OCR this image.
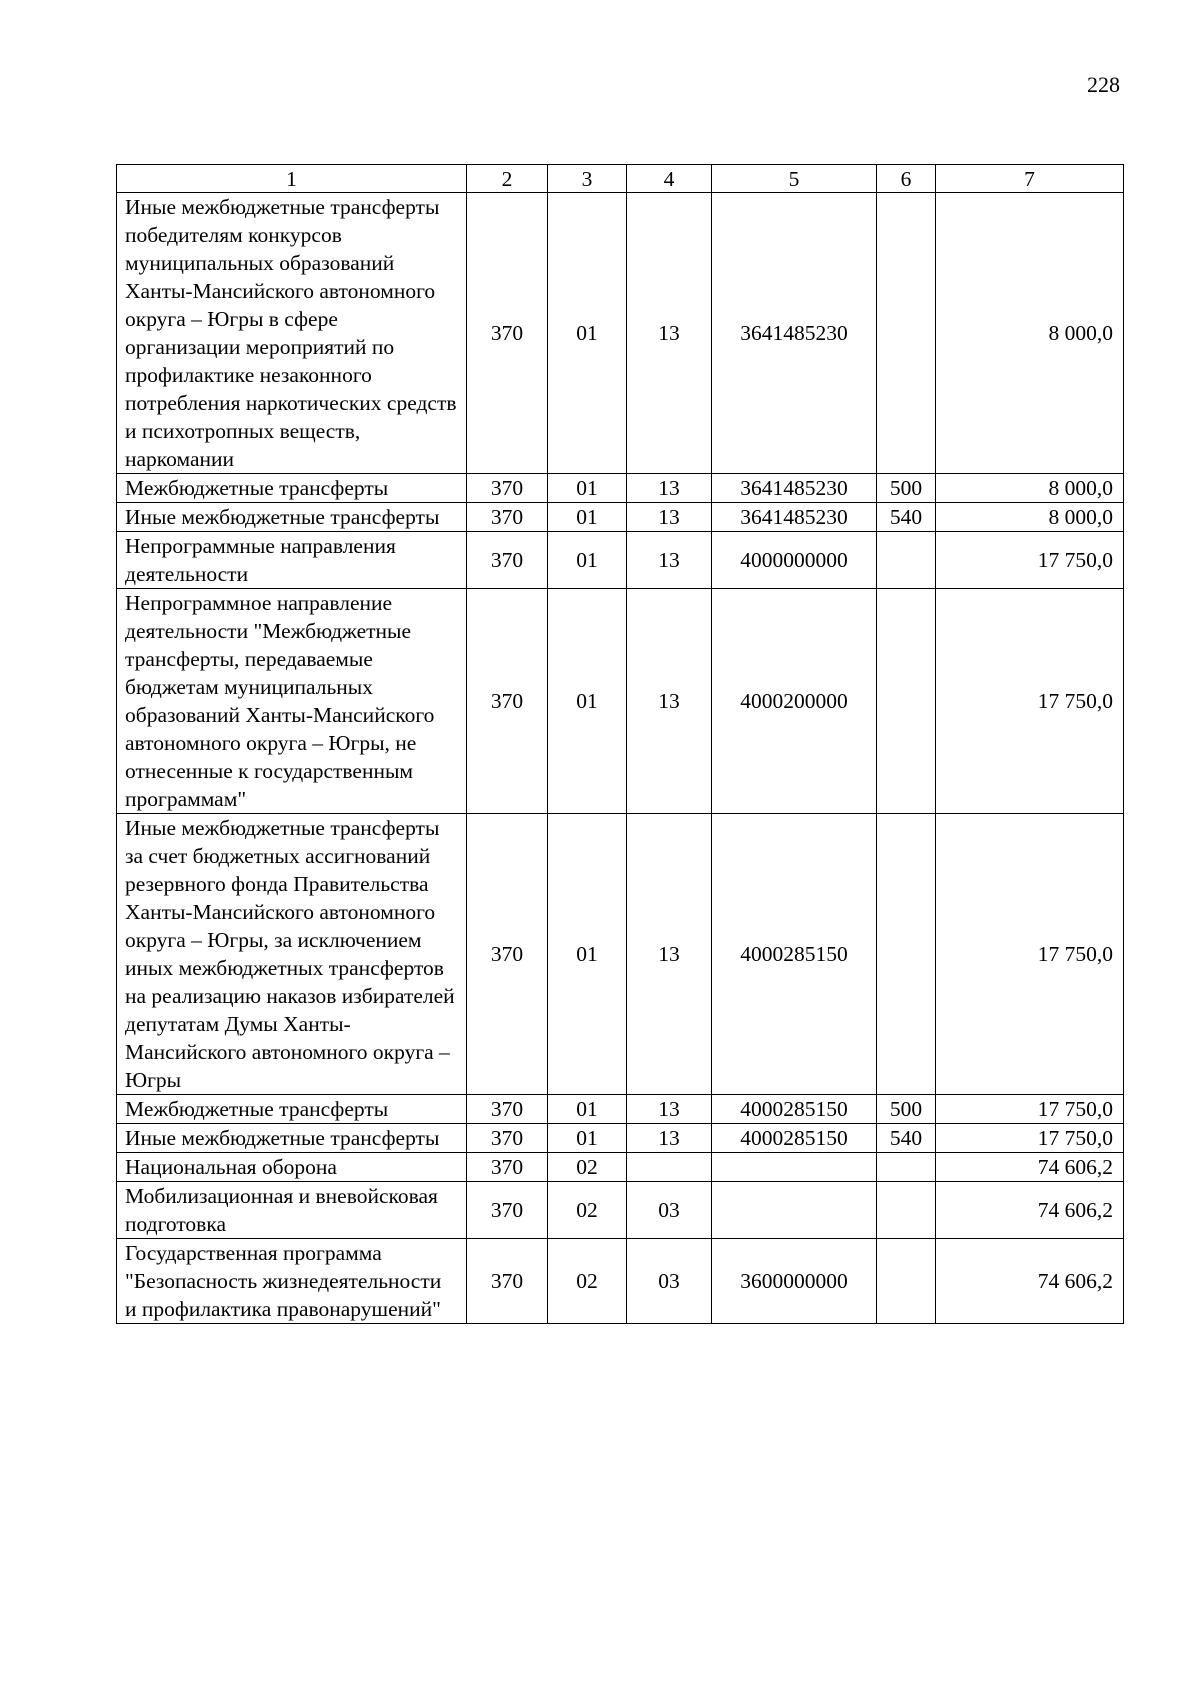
228
1	2	3	4	5	6	7
Иные межбюджетные трансферты победителям конкурсов муниципальных образований Ханты-Мансийского автономного округа – Югры в сфере организации мероприятий по профилактике незаконного потребления наркотических средств и психотропных веществ, наркомании	370	01	13	3641485230		8 000,0
Межбюджетные трансферты	370	01	13	3641485230	500	8 000,0
Иные межбюджетные трансферты	370	01	13	3641485230	540	8 000,0
Непрограммные направления деятельности	370	01	13	4000000000		17 750,0
Непрограммное направление деятельности "Межбюджетные трансферты, передаваемые бюджетам муниципальных образований Ханты-Мансийского автономного округа – Югры, не отнесенные к государственным программам"	370	01	13	4000200000		17 750,0
Иные межбюджетные трансферты за счет бюджетных ассигнований резервного фонда Правительства Ханты-Мансийского автономного округа – Югры, за исключением иных межбюджетных трансфертов на реализацию наказов избирателей депутатам Думы Ханты-Мансийского автономного округа – Югры	370	01	13	4000285150		17 750,0
Межбюджетные трансферты	370	01	13	4000285150	500	17 750,0
Иные межбюджетные трансферты	370	01	13	4000285150	540	17 750,0
Национальная оборона	370	02				74 606,2
Мобилизационная и вневойсковая подготовка	370	02	03			74 606,2
Государственная программа "Безопасность жизнедеятельности и профилактика правонарушений"	370	02	03	3600000000		74 606,2
